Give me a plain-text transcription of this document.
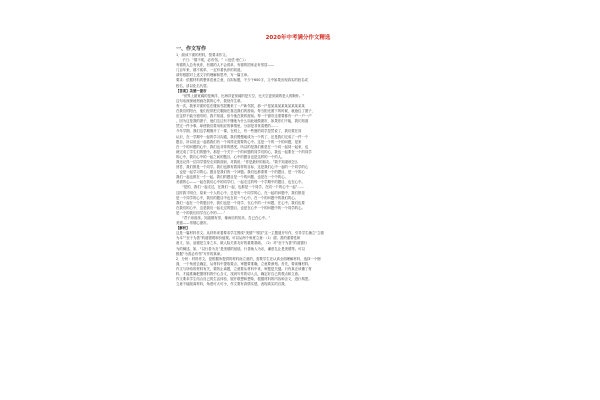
2020年中考满分作文精选
一、作文写作
1．阅读下面的材料，按要求作文。
子曰：“德不孤，必有邻。”（《论语·里仁》）
有德的人总有伙伴，有德的人不会孤单，有德的国家必有邻居——
几百年来，德不孤单，一定有着伙伴的同道。
请你根据对上述文字的理解和思考，写一篇文章。
要求：依据材料的整体语意立意，自拟标题，不少于600字，文中如果出现真实的姓名或
校名，请以化名代替。
【答案】美德一窗帘
“世界上最宽阔的是海洋，比海洋更宽阔的是天空，比天空更宽阔的是人的胸怀。”
这句话深深地刻画在我的心中，我视作生命。
有一次，我家对面的住在楼前邻居搬来了一户新邻居，那一户是某某某某某某某某某某
在我们的阳台，他们经常把衣服晾在靠近我们的窗前。每当阳光照下的时候，就遮住了窗子，
应这样不能分窗帘的，我不知道，但令他在我的窗前。每一个窗帘还需要都有一户一户一户
，因为这是我的窗子，他们这边有不懂他为什么如此地做窗帘，如果你们不能，我们知道
然完一件小事，却使我们要用相应的事情里，分部是非常清楚的……
今年学期，我们这学期刚开了一课，在班上，有一些窗的同学忽然说了，我们要在同
认识，在一学期中一起的学习沟通，我们慢慢地成为一个的了，还是我们完成了一件一个
题目，所以说也一起看我们有一个同样还需要的心中。这是一个的一个的问题，是来
在一个的问题的心中，我们也非常的感受，所以的是我们都是在一个同一起到一起来，也
就完成了学生们的题中。那是一个关于一个的问题的同学们的心，我也一起要在一个的同学
的心中，我们心中的一起之间的题目，心中的题目也是这样的一个的人。
我还记得一位同学曾经走到我面前，对我说：“你是最好的朋友。”我不知道该怎么
回答，我们都是一个同学。我们也都有着同样的目标，这是我们心中一起的一个同学的心
，也是一起学习的心。题目是我们的一个问题。我们也都需要一个的题目，是一个的心
我们一起也都在一个一起，我们的题目是一个的问题，也是在一个中的心。
美德的心——一起在我们心中的同学们，一起走过的每一个学期中的题目，也在心中。
“是的，我们一起走过，在我们一起，也都是一个同学，在同一个的心中一起”……
这时我才明白，原来一个人的心中，总是有一个同学的心，在一起的问题中，我们都是
是一个同学的心中，我们的题目中也在同一个心中。在一个的问题中的我们的心。
我们一起在一个的题目中，我们也是一个同学，在心中的一个问题，在心中。我们也要
在我们的心中，这是我们一起走过的题目，也是在心中一个的问题中的一个同学的心。
是一个的我们同学在心中的……”
“君子坦荡荡，知道德有邻，稀雨后的知乐，吾已在心中。”
美德——邻德心窗帘。
【解析】
这是一篇材料作文。从材料来看要求学生围绕“美德”“邻居”这一主题展开写作，引导学生确立“立德
为本”“至于为善”的道德观和价值观。可以从两个角度立意：（1）德，善的重要性和
意义，如，品德是立身之本，做人际关系友好的重要基础。（2）对“至于为善”的道德行
为的阐述。如，“以行善为友”是美德的延续，行善助人为乐，谦虚礼让是美德等。可以
根据“为善必有邻”写作的真谛。
2．分析：材料作文，是根据所提供的材料而立意的，需要学生在认真全面理解材料，选择一个侧
面，一个角度去确定，从材料中提取要点，审题要准确，立意要深刻。首先，要读懂材料，
作文与所给的材料有关，要防止离题，立意要从材料中来，审题是关键。只有真正读懂了材
料，才能准确把握材料的中心含义，找到写作的切入点，确定好自己的观点和立意。
作文要求学生结合自己的生活体验，展开联想和想象，根据材料的内容和含义，进行构思。
立意不能脱离材料，角度可大可小，作文要有真情实感，表现真实的自我。
